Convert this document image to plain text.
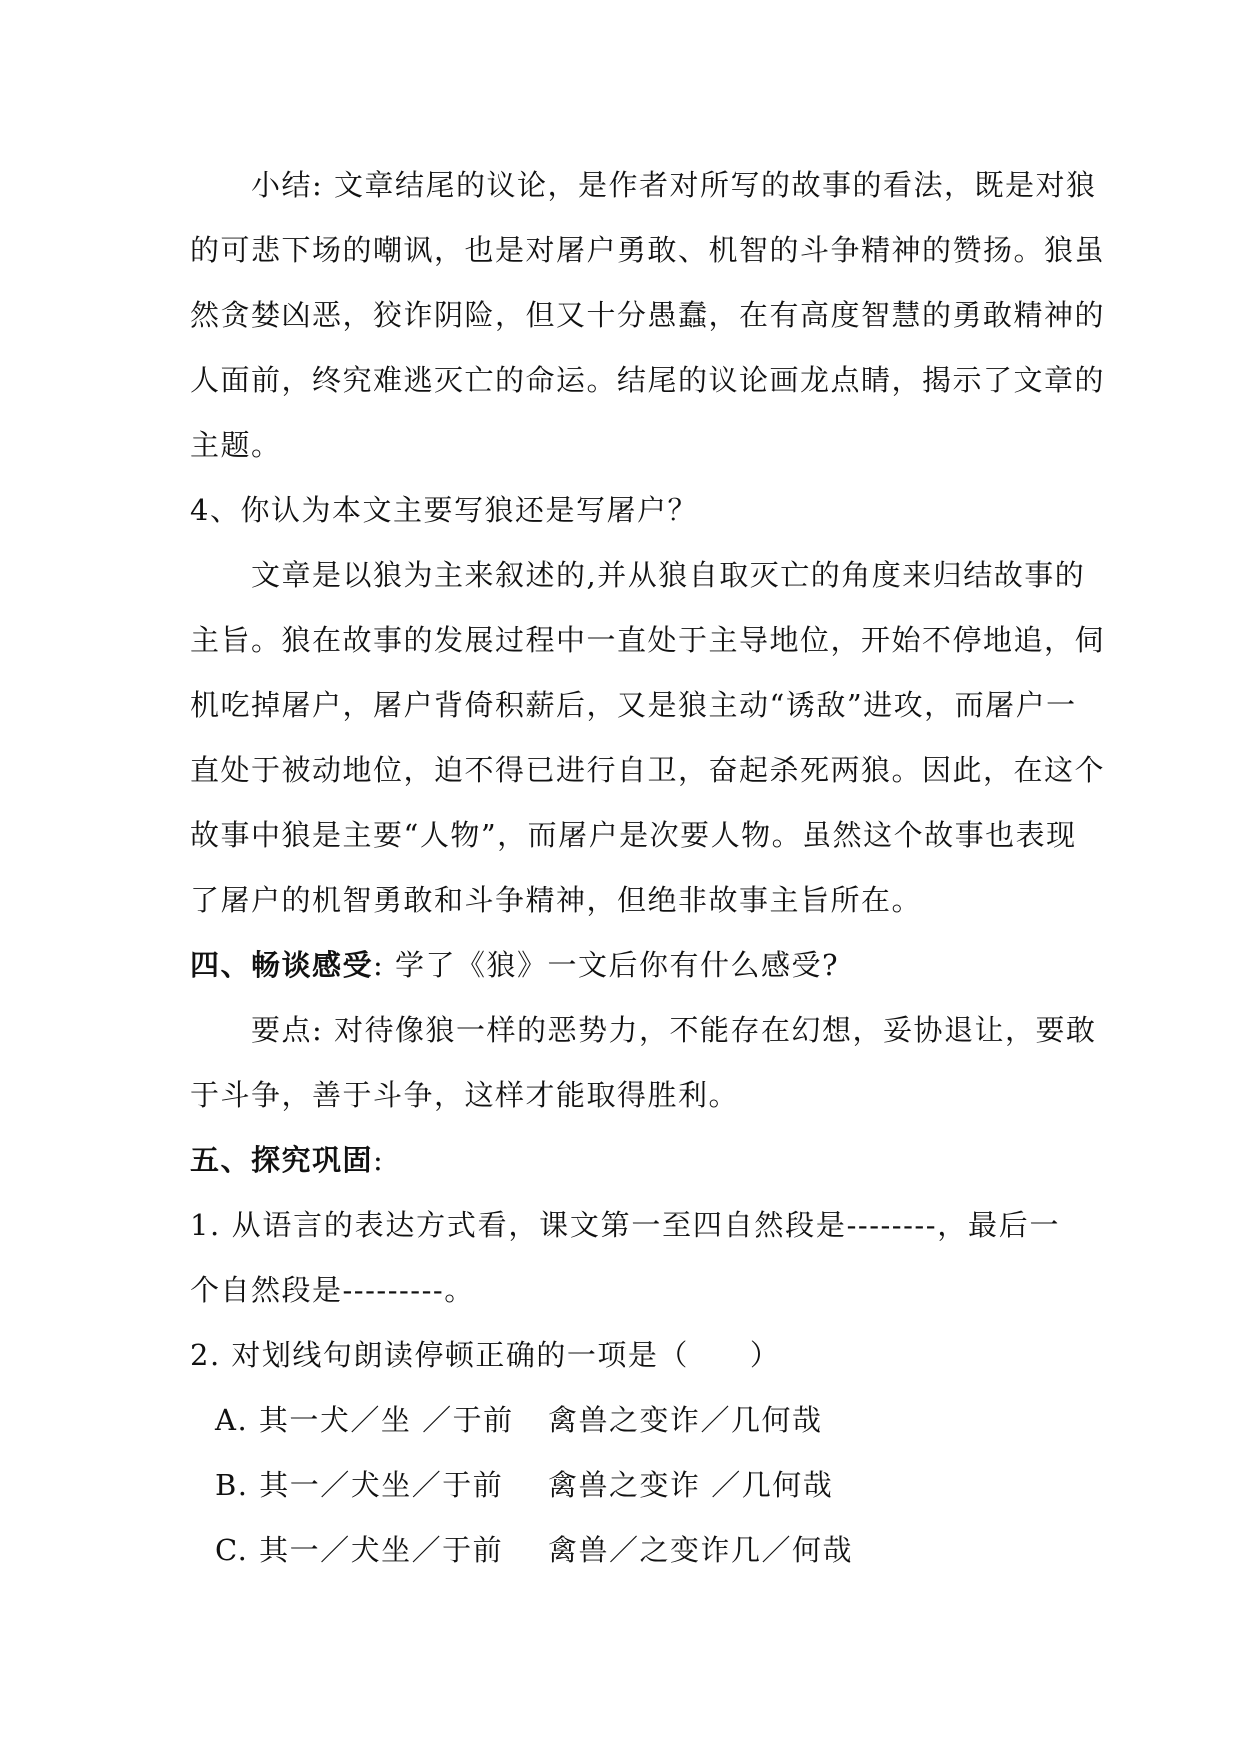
　　小结: 文章结尾的议论，是作者对所写的故事的看法，既是对狼
的可悲下场的嘲讽，也是对屠户勇敢、机智的斗争精神的赞扬。狼虽
然贪婪凶恶，狡诈阴险，但又十分愚蠢，在有高度智慧的勇敢精神的
人面前，终究难逃灭亡的命运。结尾的议论画龙点睛，揭示了文章的
主题。
4、你认为本文主要写狼还是写屠户？
　　文章是以狼为主来叙述的,并从狼自取灭亡的角度来归结故事的
主旨。狼在故事的发展过程中一直处于主导地位，开始不停地追，伺
机吃掉屠户，屠户背倚积薪后，又是狼主动“诱敌”进攻，而屠户一
直处于被动地位，迫不得已进行自卫，奋起杀死两狼。因此，在这个
故事中狼是主要“人物”，而屠户是次要人物。虽然这个故事也表现
了屠户的机智勇敢和斗争精神，但绝非故事主旨所在。
四、畅谈感受: 学了《狼》一文后你有什么感受?
　　要点: 对待像狼一样的恶势力，不能存在幻想，妥协退让，要敢
于斗争，善于斗争，这样才能取得胜利。
五、探究巩固:
1. 从语言的表达方式看，课文第一至四自然段是--------，最后一
个自然段是---------。
2. 对划线句朗读停顿正确的一项是（　　）
A. 其一犬／坐 ／于前 禽兽之变诈／几何哉
B. 其一／犬坐／于前 禽兽之变诈 ／几何哉
C. 其一／犬坐／于前 禽兽／之变诈几／何哉
